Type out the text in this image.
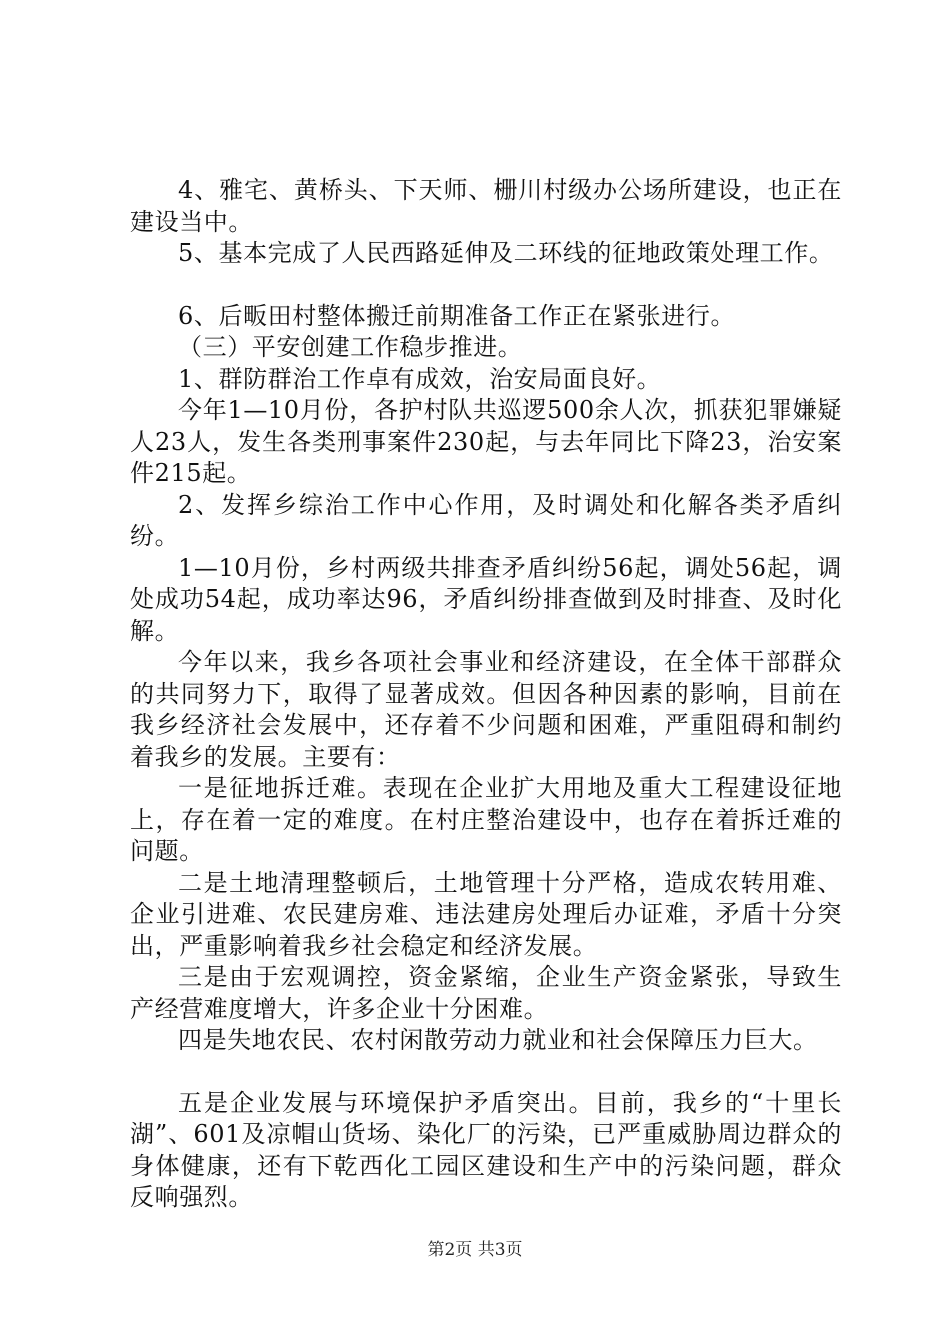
4、雅宅、黄桥头、下天师、栅川村级办公场所建设，也正在建设当中。

5、基本完成了人民西路延伸及二环线的征地政策处理工作。

6、后畈田村整体搬迁前期准备工作正在紧张进行。

（三）平安创建工作稳步推进。

1、群防群治工作卓有成效，治安局面良好。

今年1—10月份，各护村队共巡逻500余人次，抓获犯罪嫌疑人23人，发生各类刑事案件230起，与去年同比下降23，治安案件215起。

2、发挥乡综治工作中心作用，及时调处和化解各类矛盾纠纷。

1—10月份，乡村两级共排查矛盾纠纷56起，调处56起，调处成功54起，成功率达96，矛盾纠纷排查做到及时排查、及时化解。

今年以来，我乡各项社会事业和经济建设，在全体干部群众的共同努力下，取得了显著成效。但因各种因素的影响，目前在我乡经济社会发展中，还存着不少问题和困难，严重阻碍和制约着我乡的发展。主要有：

一是征地拆迁难。表现在企业扩大用地及重大工程建设征地上，存在着一定的难度。在村庄整治建设中，也存在着拆迁难的问题。

二是土地清理整顿后，土地管理十分严格，造成农转用难、企业引进难、农民建房难、违法建房处理后办证难，矛盾十分突出，严重影响着我乡社会稳定和经济发展。

三是由于宏观调控，资金紧缩，企业生产资金紧张，导致生产经营难度增大，许多企业十分困难。

四是失地农民、农村闲散劳动力就业和社会保障压力巨大。

五是企业发展与环境保护矛盾突出。目前，我乡的“十里长湖”、601及凉帽山货场、染化厂的污染，已严重威胁周边群众的身体健康，还有下乾西化工园区建设和生产中的污染问题，群众反响强烈。

第2页 共3页
